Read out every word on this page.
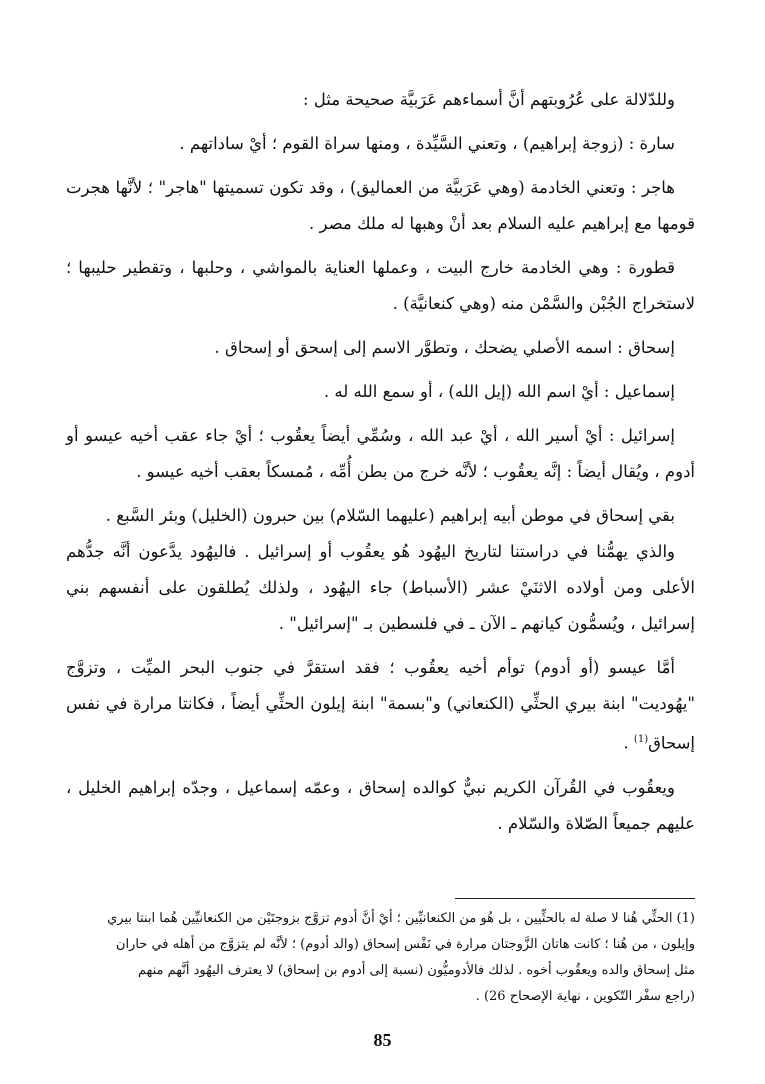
وللدّلالة على عُرُوبتهم أنَّ أسماءهم عَرَبيَّة صحيحة مثل :

سارة : (زوجة إبراهيم) ، وتعني السَّيِّدة ، ومنها سراة القوم ؛ أيْ ساداتهم .

هاجر : وتعني الخادمة (وهي عَرَبيَّة من العماليق) ، وقد تكون تسميتها "هاجر" ؛ لأنَّها هجرت قومها مع إبراهيم عليه السلام بعد أنْ وهبها له ملك مصر .

قطورة : وهي الخادمة خارج البيت ، وعملها العناية بالمواشي ، وحلبها ، وتقطير حليبها ؛ لاستخراج الجُبْن والسَّمْن منه (وهي كنعانيَّة) .

إسحاق : اسمه الأصلي يضحك ، وتطوَّر الاسم إلى إسحق أو إسحاق .

إسماعيل : أيْ اسم الله (إيل الله) ، أو سمع الله له .

إسرائيل : أيْ أسير الله ، أيْ عبد الله ، وسُمِّي أيضاً يعقُوب ؛ أيْ جاء عقب أخيه عيسو أو أدوم ، ويُقال أيضاً : إنَّه يعقُوب ؛ لأنَّه خرج من بطن أُمِّه ، مُمسكاً بعقب أخيه عيسو .

بقي إسحاق في موطن أبيه إبراهيم (عليهما السّلام) بين حبرون (الخليل) وبئر السَّبع .

والذي يهمُّنا في دراستنا لتاريخ اليهُود هُو يعقُوب أو إسرائيل . فاليهُود يدَّعون أنَّه جدُّهم الأعلى ومن أولاده الاثنَيْ عشر (الأسباط) جاء اليهُود ، ولذلك يُطلقون على أنفسهم بني إسرائيل ، ويُسمُّون كيانهم ـ الآن ـ في فلسطين بـ "إسرائيل" .

أمَّا عيسو (أو أدوم) توأم أخيه يعقُوب ؛ فقد استقرَّ في جنوب البحر الميِّت ، وتزوَّج "يهُوديت" ابنة بيري الحثِّي (الكنعاني) و"بسمة" ابنة إيلون الحثِّي أيضاً ، فكانتا مرارة في نفس إسحاق$^{(1)}$ .

ويعقُوب في القُرآن الكريم نبيٌّ كوالده إسحاق ، وعمّه إسماعيل ، وجدّه إبراهيم الخليل ، عليهم جميعاً الصّلاة والسّلام .

(1) الحثِّي هُنا لا صلة له بالحثِّيين ، بل هُو من الكنعانيِّين ؛ أيْ أنَّ أدوم تزوَّج بزوجتَيْن من الكنعانيِّين هُما ابنتا بيري
وإيلون ، من هُنا ؛ كانت هاتان الزَّوجتان مرارة في نَفْس إسحاق (والد أدوم) ؛ لأنَّه لم يتزوَّج من أهله في حاران
مثل إسحاق والده ويعقُوب أخوه . لذلك فالأدوميُّون (نسبة إلى أدوم بن إسحاق) لا يعترف اليهُود أنَّهم منهم
(راجع سفْر التّكوين ، نهاية الإصحاح 26) .
85
